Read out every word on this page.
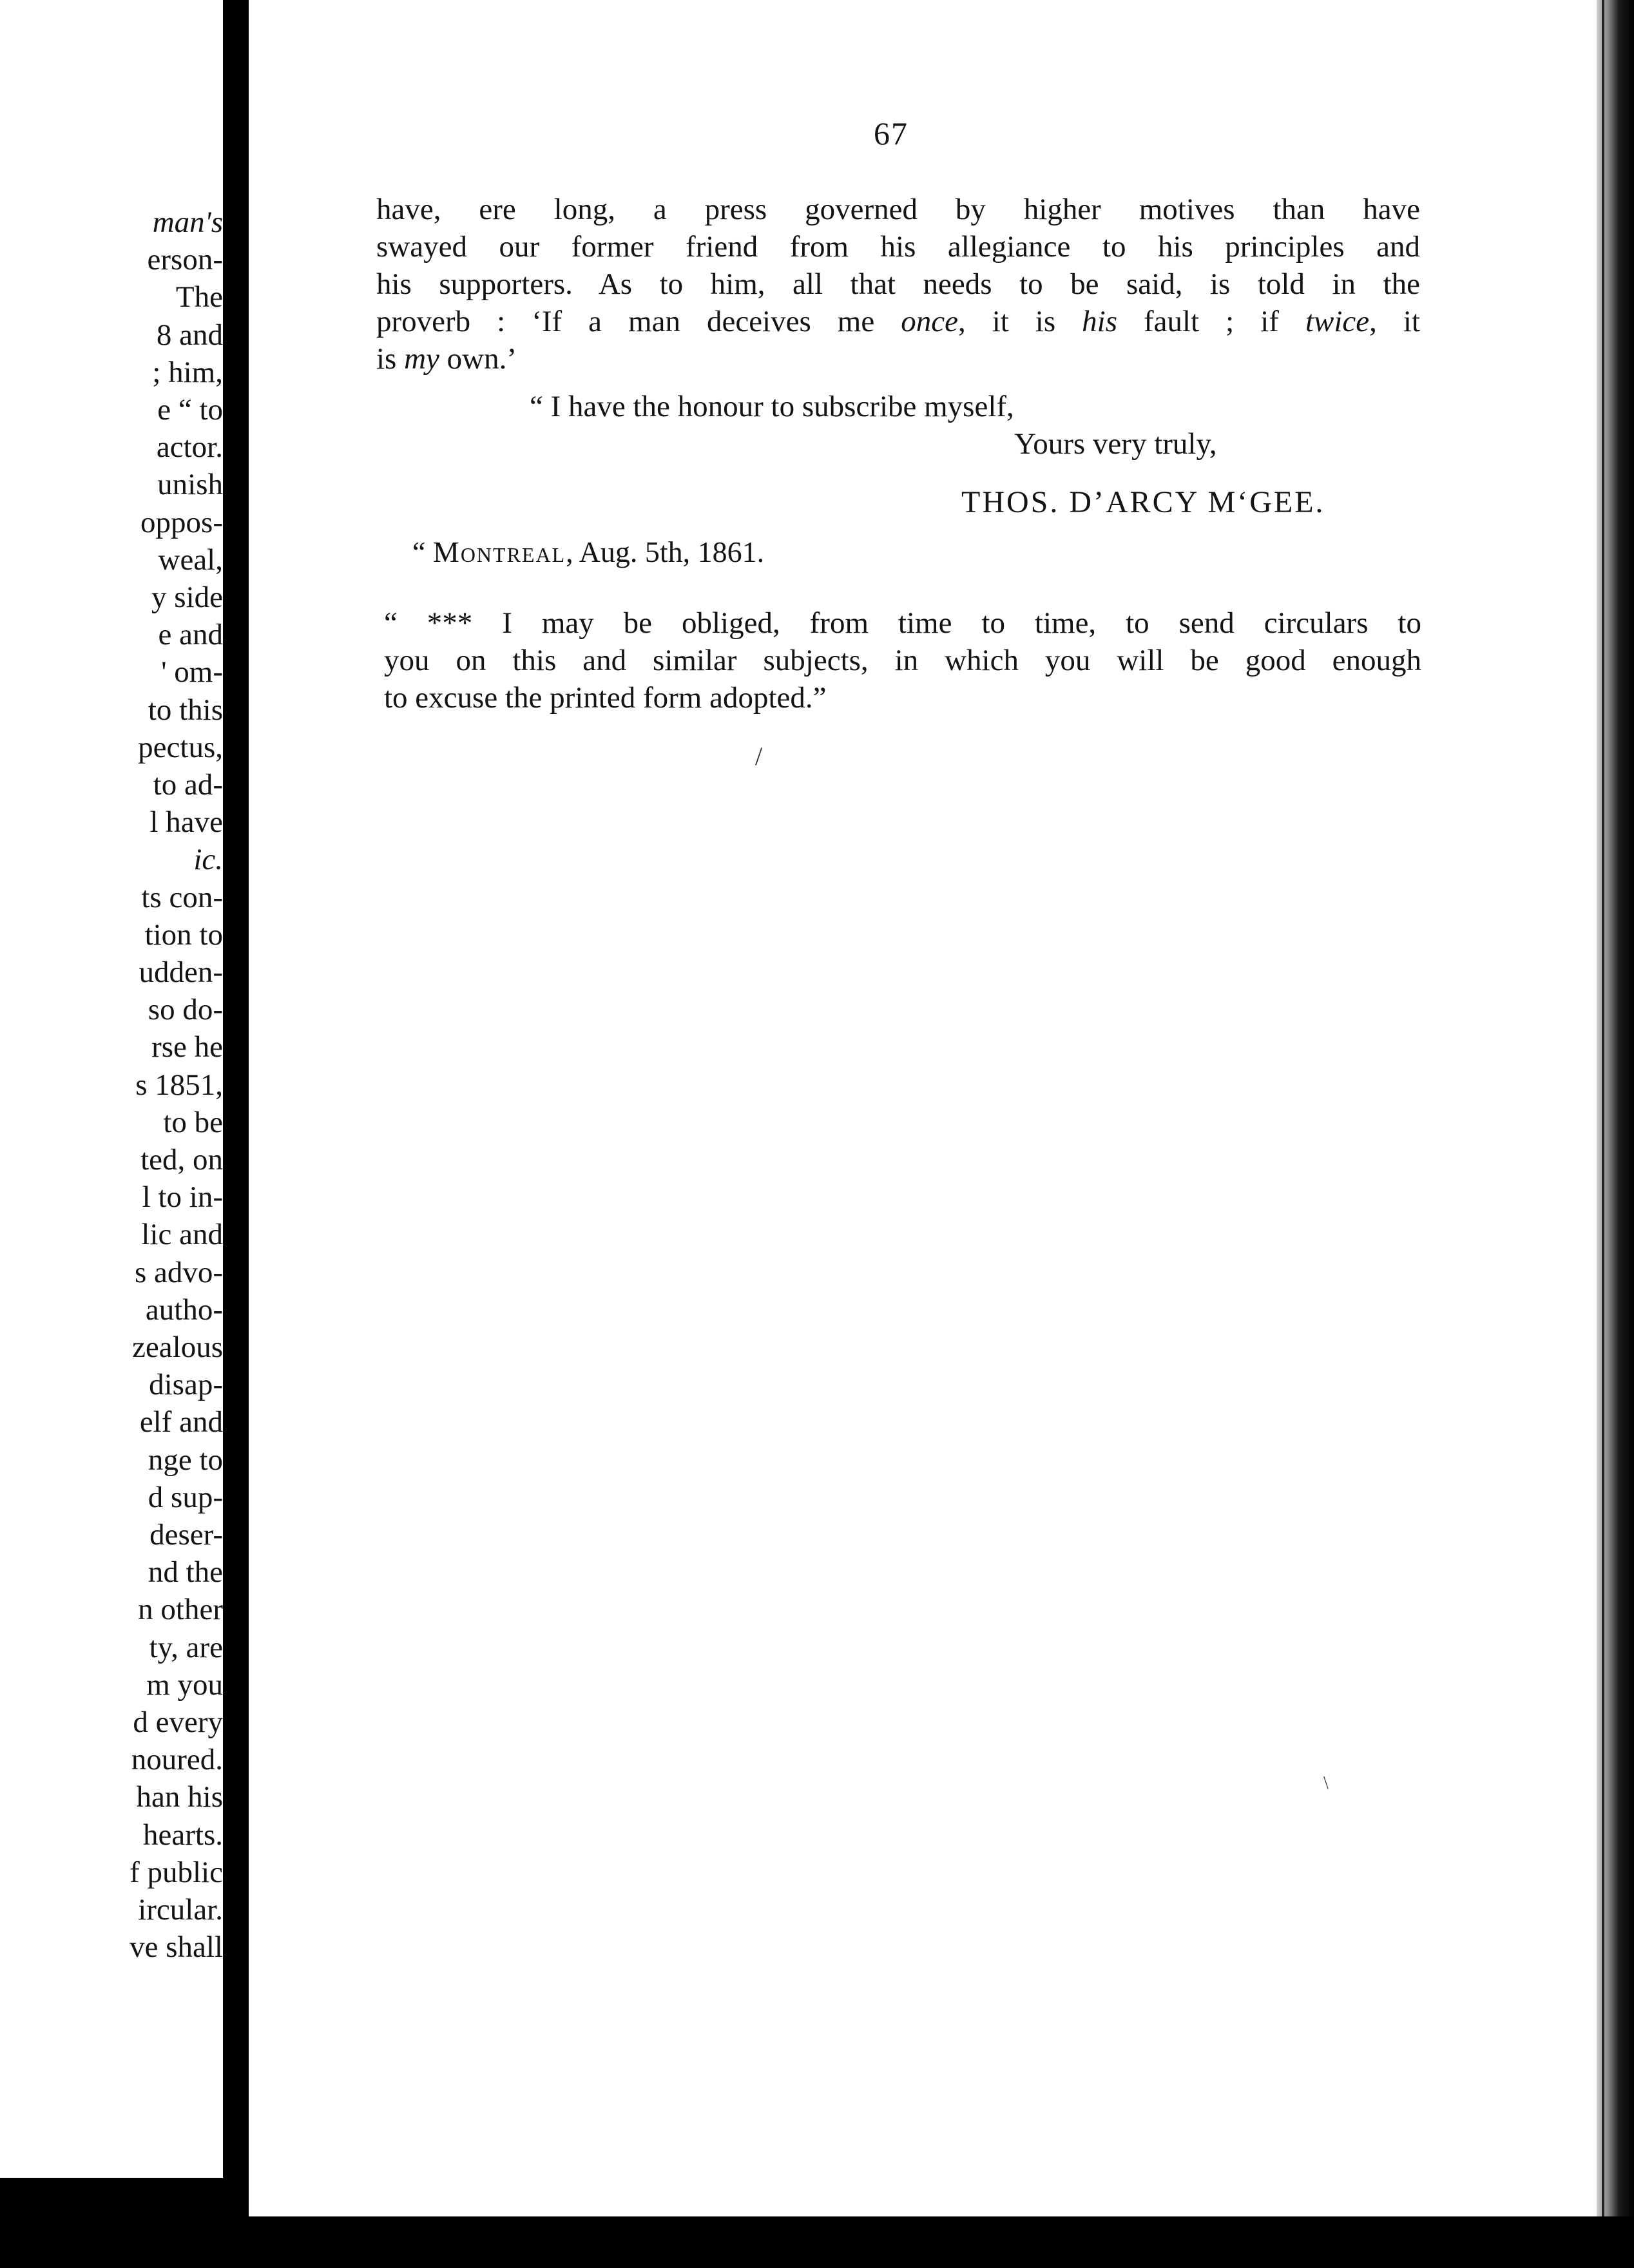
man's
erson-
The
8 and
; him,
e “ to
actor.
unish
oppos-
weal,
y side
e and
' om-
to this
pectus,
to ad-
l have
ic.
ts con-
tion to
udden-
so do-
rse he
s 1851,
to be
ted, on
l to in-
lic and
s advo-
autho-
zealous
disap-
elf and
nge to
d sup-
deser-
nd the
n other
ty, are
m you
d every
noured.
han his
hearts.
f public
ircular.
ve shall
67
have, ere long, a press governed by higher motives than have
swayed our former friend from his allegiance to his principles and
his supporters. As to him, all that needs to be said, is told in the
proverb : ‘If a man deceives me once, it is his fault ; if twice, it
is my own.’
“ I have the honour to subscribe myself,
Yours very truly,
THOS. D’ARCY M‘GEE.
“ Montreal, Aug. 5th, 1861.
“ *** I may be obliged, from time to time, to send circulars to
you on this and similar subjects, in which you will be good enough
to excuse the printed form adopted.”
/
\
